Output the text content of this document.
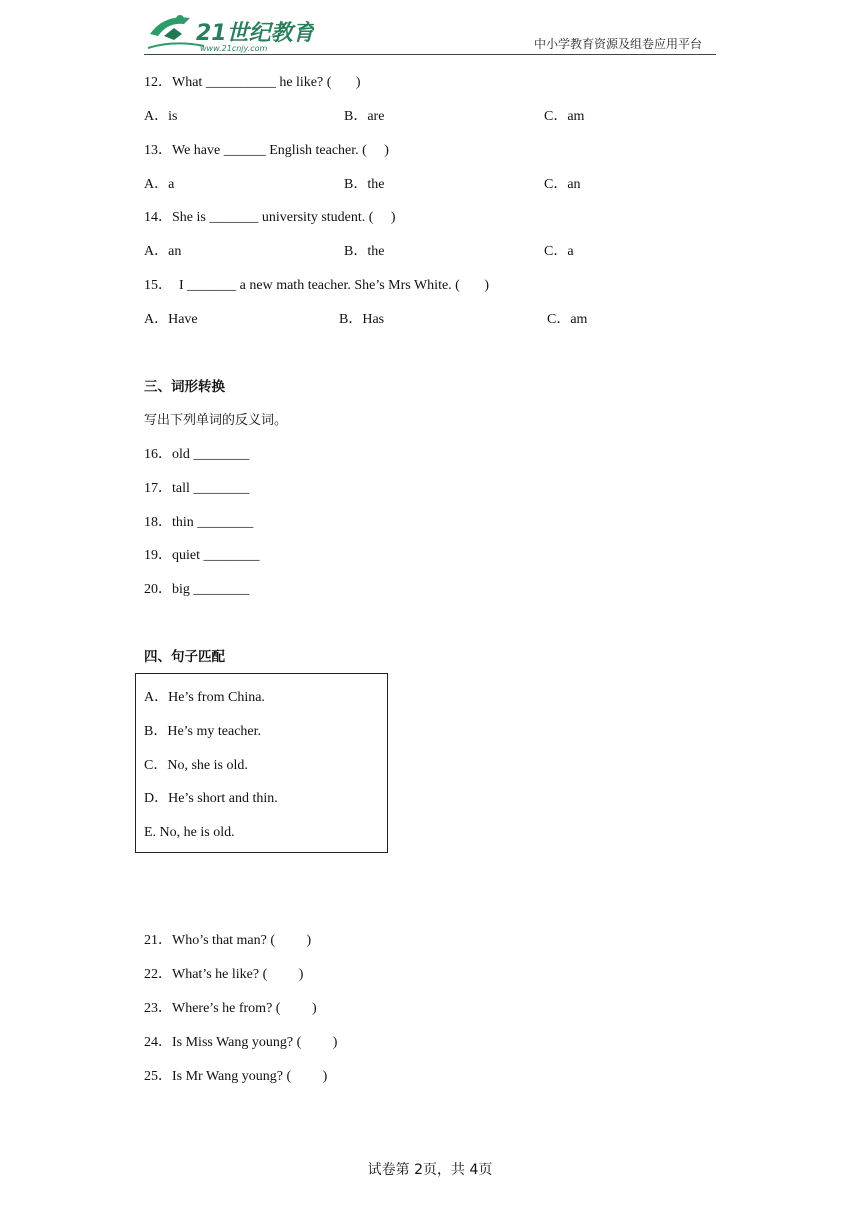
21世纪教育
www.21cnjy.com	中小学教育资源及组卷应用平台
12．What __________ he like? (       )
A．is	B．are	C．am
13．We have ______ English teacher. (     )
A．a	B．the	C．an
14．She is _______ university student. (     )
A．an	B．the	C．a
15．  I _______ a new math teacher. She’s Mrs White. (       )
A．Have	B．Has	C．am
三、词形转换
写出下列单词的反义词。
16．old ________
17．tall ________
18．thin ________
19．quiet ________
20．big ________
四、句子匹配
A．He’s from China.
B．He’s my teacher.
C．No, she is old.
D．He’s short and thin.
E. No, he is old.
21．Who’s that man? (         )
22．What’s he like? (         )
23．Where’s he from? (         )
24．Is Miss Wang young? (         )
25．Is Mr Wang young? (         )
试卷第 2页，共 4页
